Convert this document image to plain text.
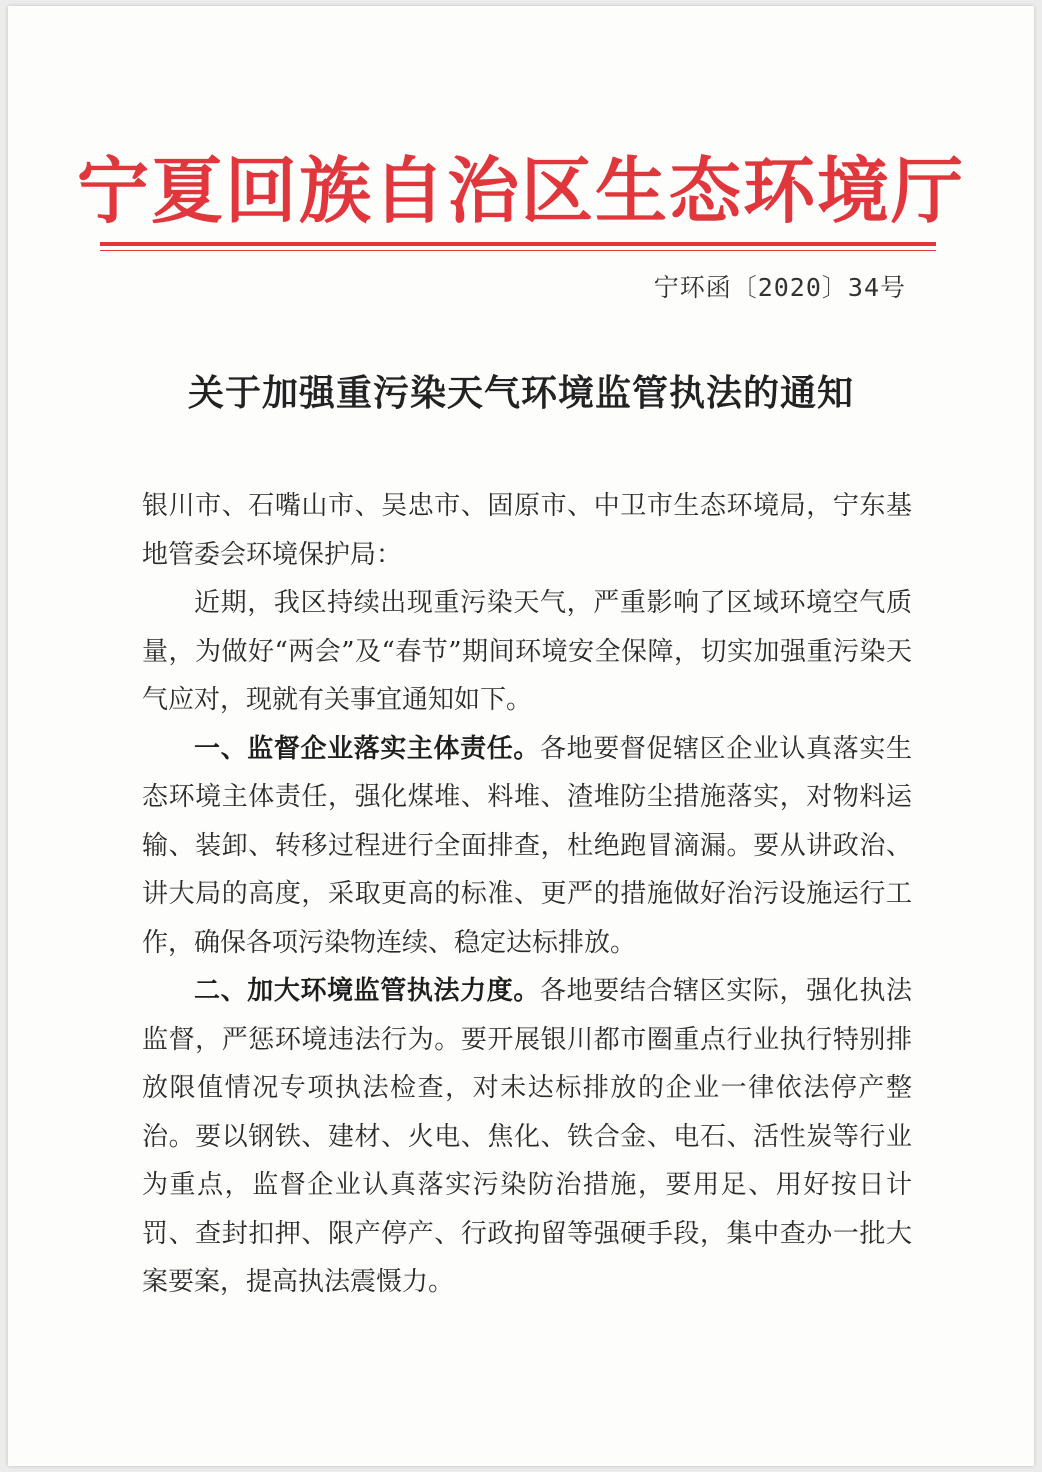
宁夏回族自治区生态环境厅
宁环函〔2020〕34号
关于加强重污染天气环境监管执法的通知

银川市、石嘴山市、吴忠市、固原市、中卫市生态环境局，宁东基地管委会环境保护局：

近期，我区持续出现重污染天气，严重影响了区域环境空气质量，为做好“两会”及“春节”期间环境安全保障，切实加强重污染天气应对，现就有关事宜通知如下。

一、监督企业落实主体责任。各地要督促辖区企业认真落实生态环境主体责任，强化煤堆、料堆、渣堆防尘措施落实，对物料运输、装卸、转移过程进行全面排查，杜绝跑冒滴漏。要从讲政治、讲大局的高度，采取更高的标准、更严的措施做好治污设施运行工作，确保各项污染物连续、稳定达标排放。

二、加大环境监管执法力度。各地要结合辖区实际，强化执法监督，严惩环境违法行为。要开展银川都市圈重点行业执行特别排放限值情况专项执法检查，对未达标排放的企业一律依法停产整治。要以钢铁、建材、火电、焦化、铁合金、电石、活性炭等行业为重点，监督企业认真落实污染防治措施，要用足、用好按日计罚、查封扣押、限产停产、行政拘留等强硬手段，集中查办一批大案要案，提高执法震慑力。
